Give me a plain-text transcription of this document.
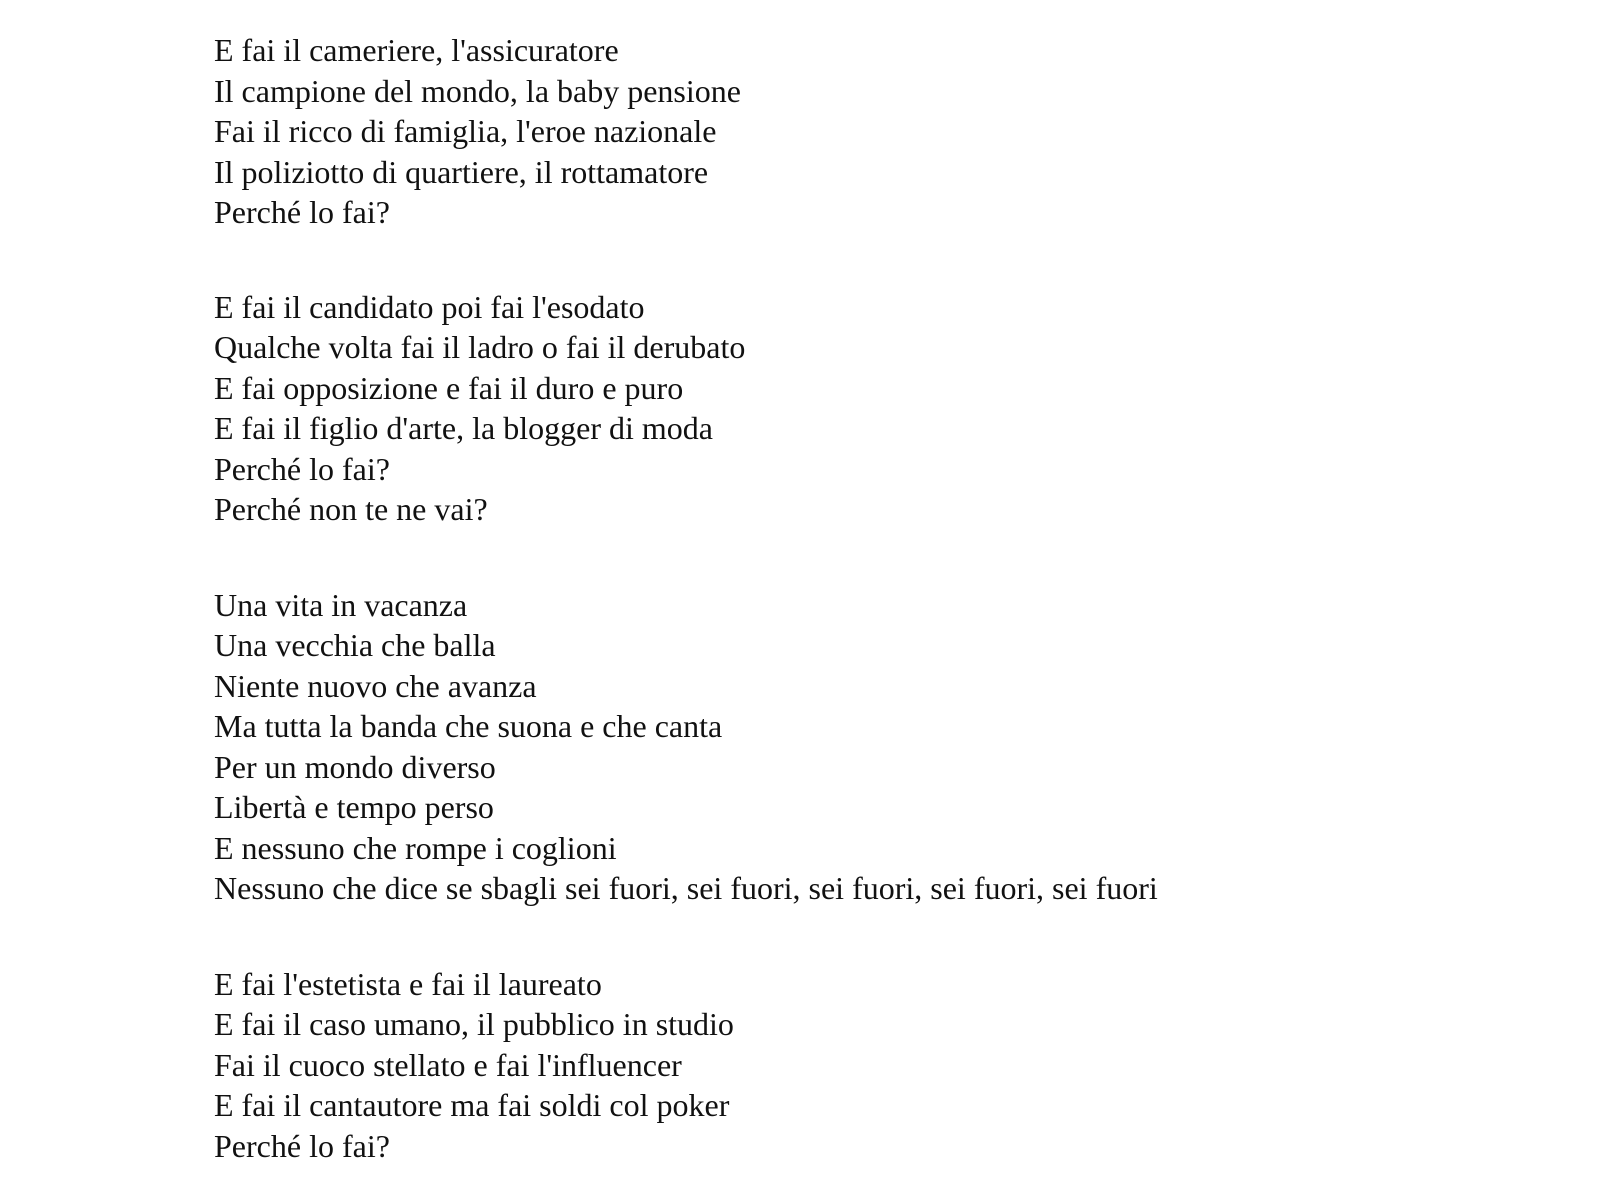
E fai il cameriere, l'assicuratore
Il campione del mondo, la baby pensione
Fai il ricco di famiglia, l'eroe nazionale
Il poliziotto di quartiere, il rottamatore
Perché lo fai?
E fai il candidato poi fai l'esodato
Qualche volta fai il ladro o fai il derubato
E fai opposizione e fai il duro e puro
E fai il figlio d'arte, la blogger di moda
Perché lo fai?
Perché non te ne vai?
Una vita in vacanza
Una vecchia che balla
Niente nuovo che avanza
Ma tutta la banda che suona e che canta
Per un mondo diverso
Libertà e tempo perso
E nessuno che rompe i coglioni
Nessuno che dice se sbagli sei fuori, sei fuori, sei fuori, sei fuori, sei fuori
E fai l'estetista e fai il laureato
E fai il caso umano, il pubblico in studio
Fai il cuoco stellato e fai l'influencer
E fai il cantautore ma fai soldi col poker
Perché lo fai?
